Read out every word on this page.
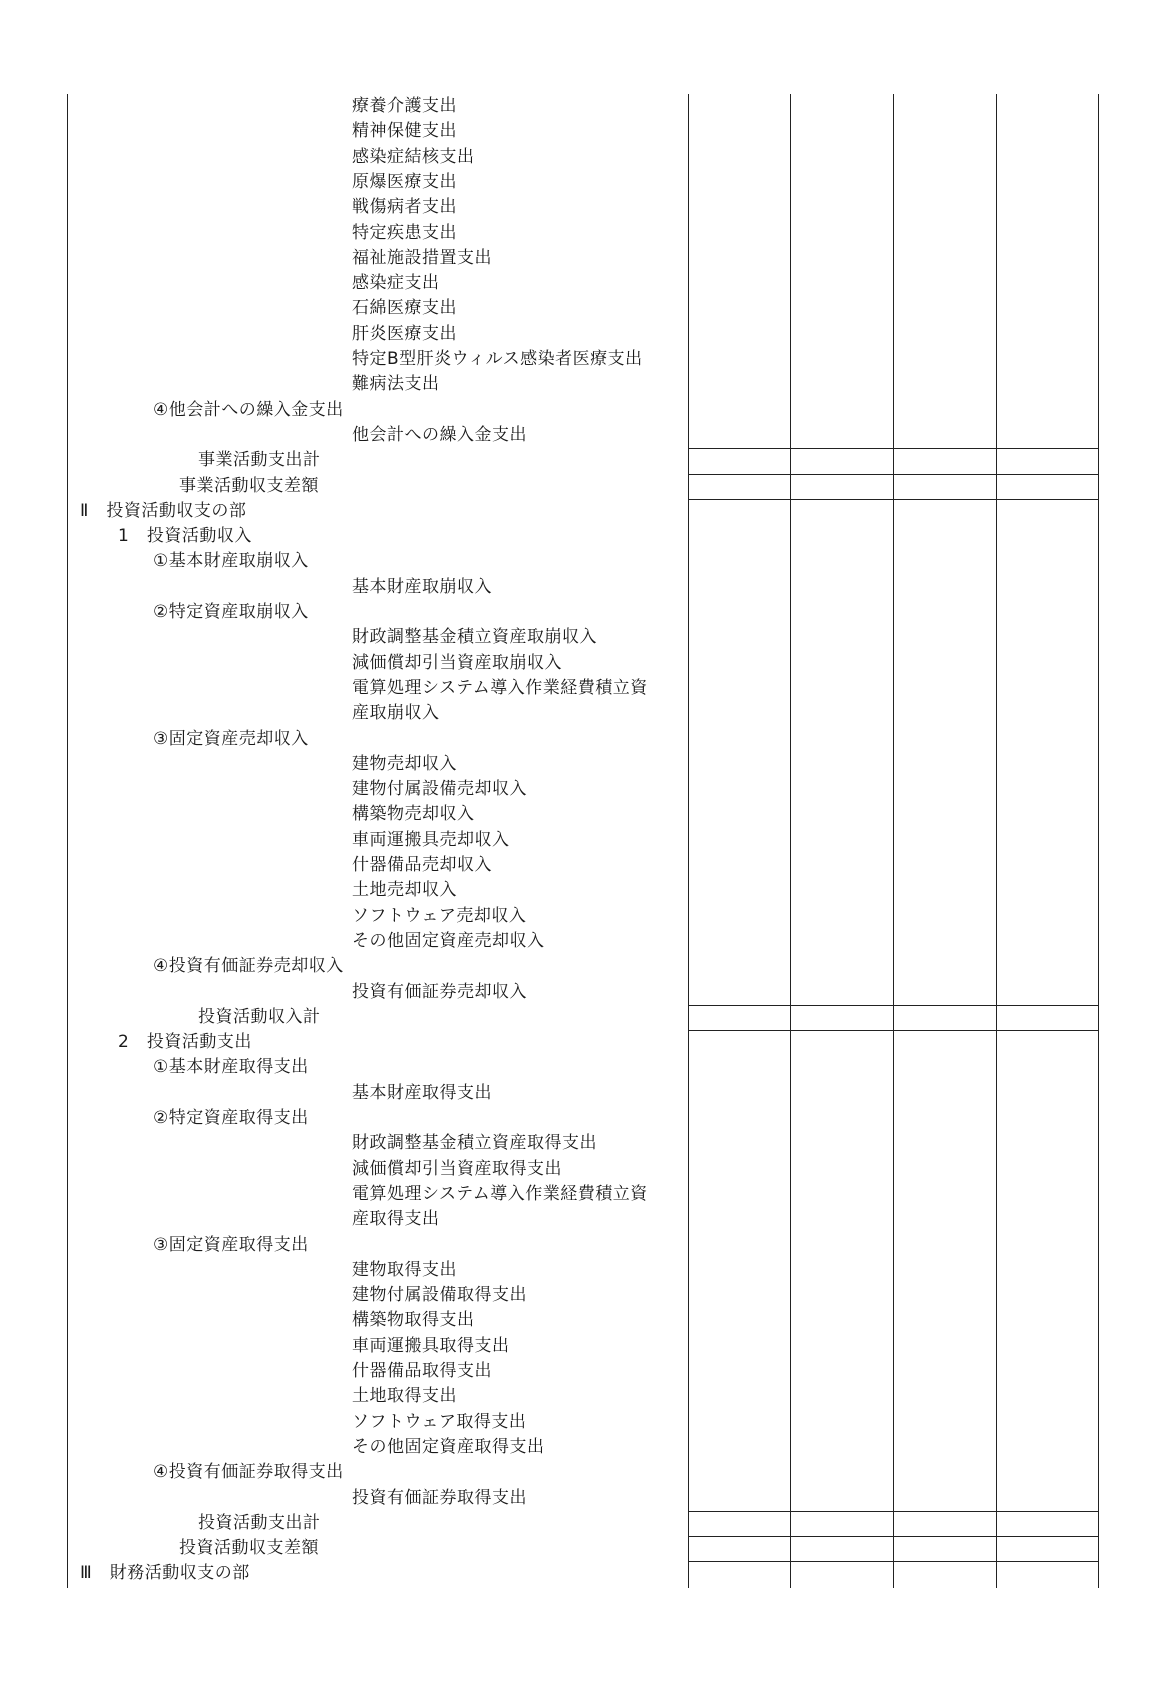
療養介護支出
精神保健支出
感染症結核支出
原爆医療支出
戦傷病者支出
特定疾患支出
福祉施設措置支出
感染症支出
石綿医療支出
肝炎医療支出
特定B型肝炎ウィルス感染者医療支出
難病法支出
④他会計への繰入金支出
他会計への繰入金支出
事業活動支出計
事業活動収支差額
Ⅱ　投資活動収支の部
1　投資活動収入
①基本財産取崩収入
基本財産取崩収入
②特定資産取崩収入
財政調整基金積立資産取崩収入
減価償却引当資産取崩収入
電算処理システム導入作業経費積立資
産取崩収入
③固定資産売却収入
建物売却収入
建物付属設備売却収入
構築物売却収入
車両運搬具売却収入
什器備品売却収入
土地売却収入
ソフトウェア売却収入
その他固定資産売却収入
④投資有価証券売却収入
投資有価証券売却収入
投資活動収入計
2　投資活動支出
①基本財産取得支出
基本財産取得支出
②特定資産取得支出
財政調整基金積立資産取得支出
減価償却引当資産取得支出
電算処理システム導入作業経費積立資
産取得支出
③固定資産取得支出
建物取得支出
建物付属設備取得支出
構築物取得支出
車両運搬具取得支出
什器備品取得支出
土地取得支出
ソフトウェア取得支出
その他固定資産取得支出
④投資有価証券取得支出
投資有価証券取得支出
投資活動支出計
投資活動収支差額
Ⅲ　財務活動収支の部
